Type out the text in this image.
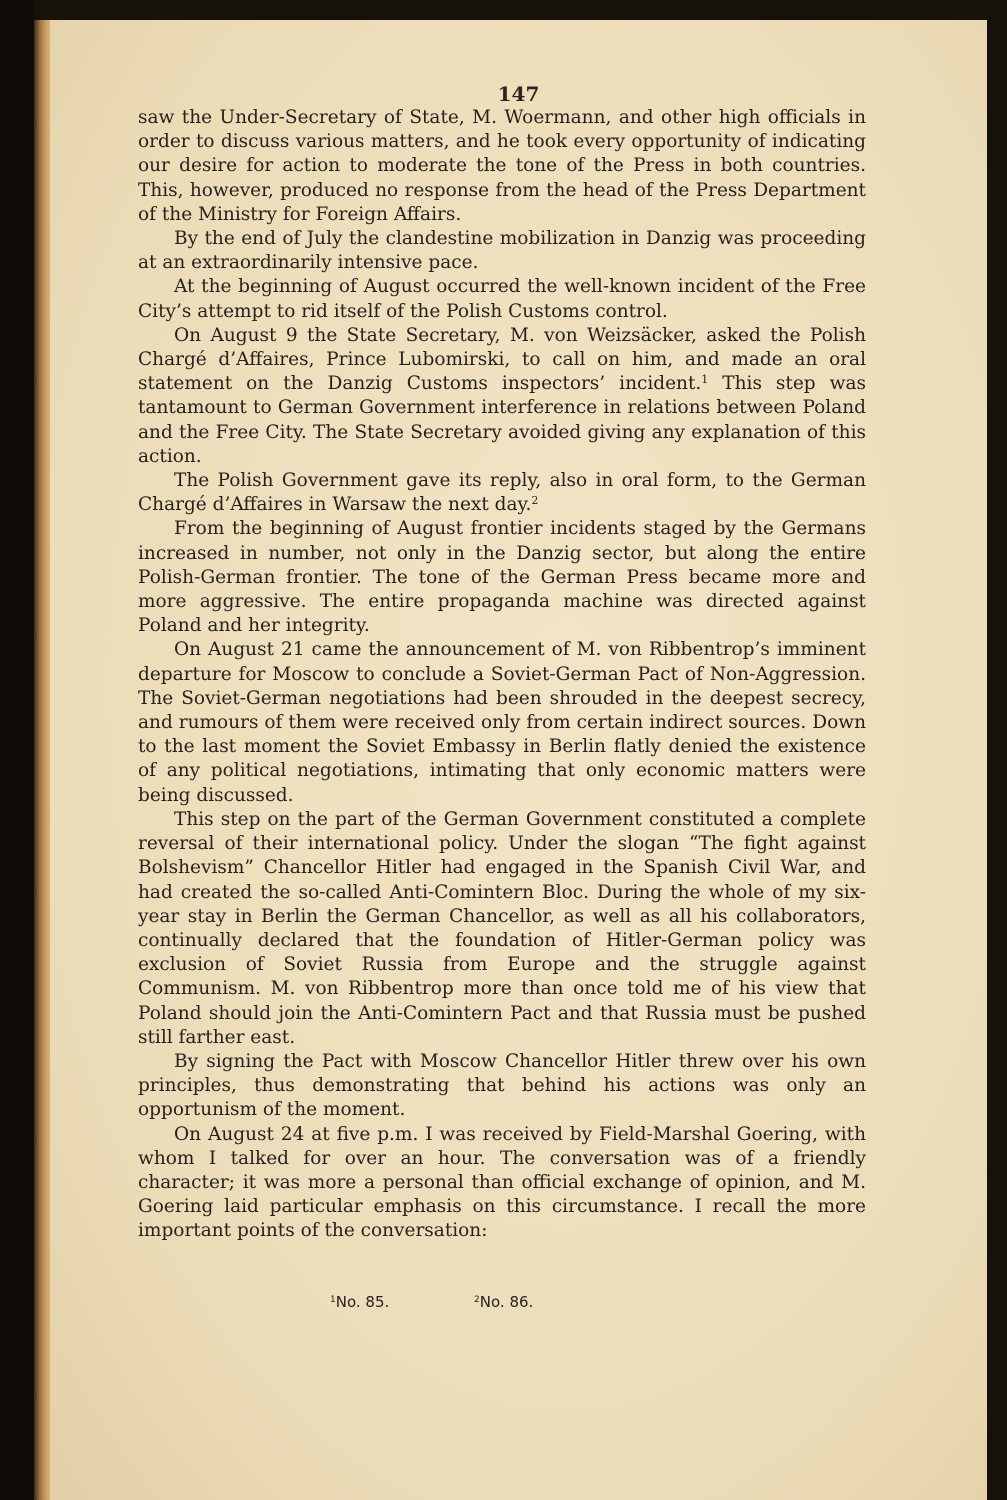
147

saw the Under-Secretary of State, M. Woermann, and other high officials in order to discuss various matters, and he took every opportunity of indicating our desire for action to moderate the tone of the Press in both countries. This, however, produced no response from the head of the Press Department of the Ministry for Foreign Affairs.

By the end of July the clandestine mobilization in Danzig was proceeding at an extraordinarily intensive pace.

At the beginning of August occurred the well-known incident of the Free City’s attempt to rid itself of the Polish Customs control.

On August 9 the State Secretary, M. von Weizsäcker, asked the Polish Chargé d’Affaires, Prince Lubomirski, to call on him, and made an oral statement on the Danzig Customs inspectors’ incident.$^1$ This step was tantamount to German Government interference in relations between Poland and the Free City. The State Secretary avoided giving any explanation of this action.

The Polish Government gave its reply, also in oral form, to the German Chargé d’Affaires in Warsaw the next day.$^2$

From the beginning of August frontier incidents staged by the Germans increased in number, not only in the Danzig sector, but along the entire Polish-German frontier. The tone of the German Press became more and more aggressive. The entire propaganda machine was directed against Poland and her integrity.

On August 21 came the announcement of M. von Ribbentrop’s imminent departure for Moscow to conclude a Soviet-German Pact of Non-Aggression. The Soviet-German negotiations had been shrouded in the deepest secrecy, and rumours of them were received only from certain indirect sources. Down to the last moment the Soviet Embassy in Berlin flatly denied the existence of any political negotiations, intimating that only economic matters were being discussed.

This step on the part of the German Government constituted a complete reversal of their international policy. Under the slogan “The fight against Bolshevism” Chancellor Hitler had engaged in the Spanish Civil War, and had created the so-called Anti-Comintern Bloc. During the whole of my six-year stay in Berlin the German Chancellor, as well as all his collaborators, continually declared that the foundation of Hitler-German policy was exclusion of Soviet Russia from Europe and the struggle against Communism. M. von Ribbentrop more than once told me of his view that Poland should join the Anti-Comintern Pact and that Russia must be pushed still farther east.

By signing the Pact with Moscow Chancellor Hitler threw over his own principles, thus demonstrating that behind his actions was only an opportunism of the moment.

On August 24 at five p.m. I was received by Field-Marshal Goering, with whom I talked for over an hour. The conversation was of a friendly character; it was more a personal than official exchange of opinion, and M. Goering laid particular emphasis on this circumstance. I recall the more important points of the conversation:

$^1$No. 85.	$^2$No. 86.
